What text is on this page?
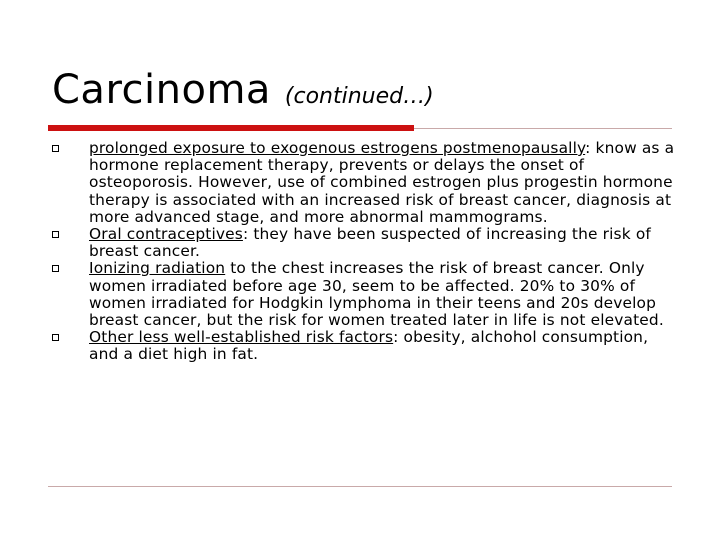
Carcinoma (continued…)
prolonged exposure to exogenous estrogens postmenopausally: know as a hormone replacement therapy, prevents or delays the onset of osteoporosis. However, use of combined estrogen plus progestin hormone therapy is associated with an increased risk of breast cancer, diagnosis at more advanced stage, and more abnormal mammograms.
Oral contraceptives: they have been suspected of increasing the risk of breast cancer.
Ionizing radiation to the chest increases the risk of breast cancer. Only women irradiated before age 30, seem to be affected. 20% to 30% of women irradiated for Hodgkin lymphoma in their teens and 20s develop breast cancer, but the risk for women treated later in life is not elevated.
Other less well-established risk factors: obesity, alchohol consumption, and a diet high in fat.
